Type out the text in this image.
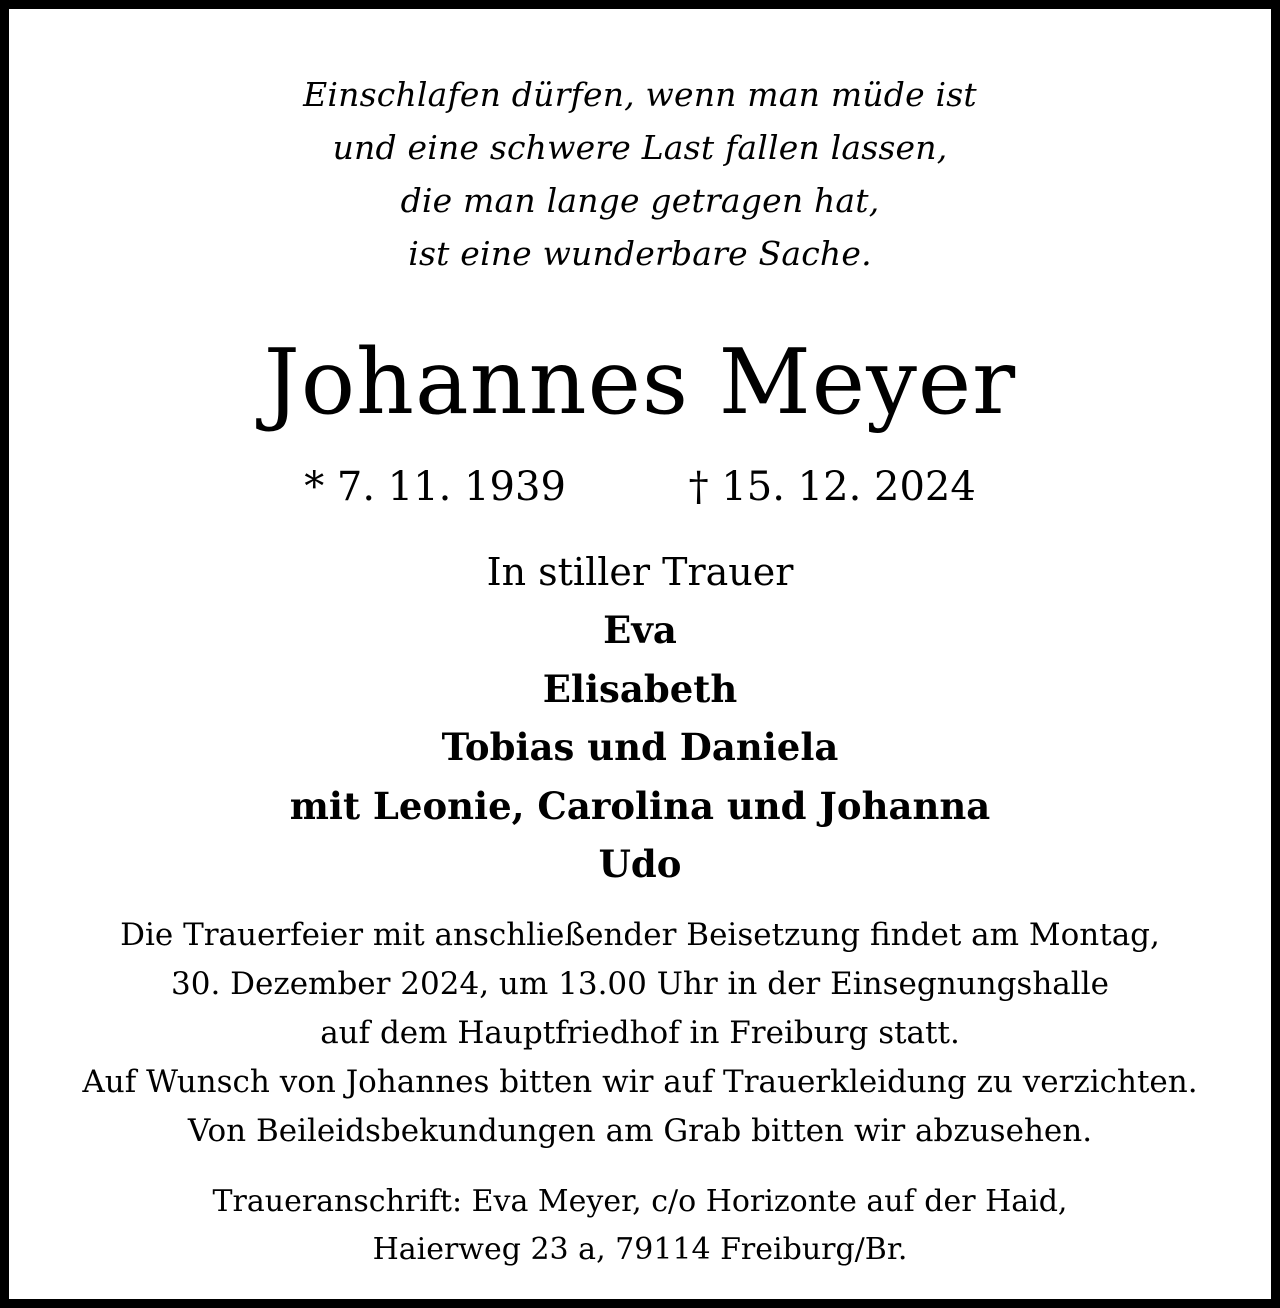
Einschlafen dürfen, wenn man müde ist
und eine schwere Last fallen lassen,
die man lange getragen hat,
ist eine wunderbare Sache.
Johannes Meyer
* 7. 11. 1939	† 15. 12. 2024
In stiller Trauer
Eva
Elisabeth
Tobias und Daniela
mit Leonie, Carolina und Johanna
Udo
Die Trauerfeier mit anschließender Beisetzung findet am Montag,
30. Dezember 2024, um 13.00 Uhr in der Einsegnungshalle
auf dem Hauptfriedhof in Freiburg statt.
Auf Wunsch von Johannes bitten wir auf Trauerkleidung zu verzichten.
Von Beileidsbekundungen am Grab bitten wir abzusehen.
Traueranschrift: Eva Meyer, c/o Horizonte auf der Haid,
Haierweg 23 a, 79114 Freiburg/Br.
